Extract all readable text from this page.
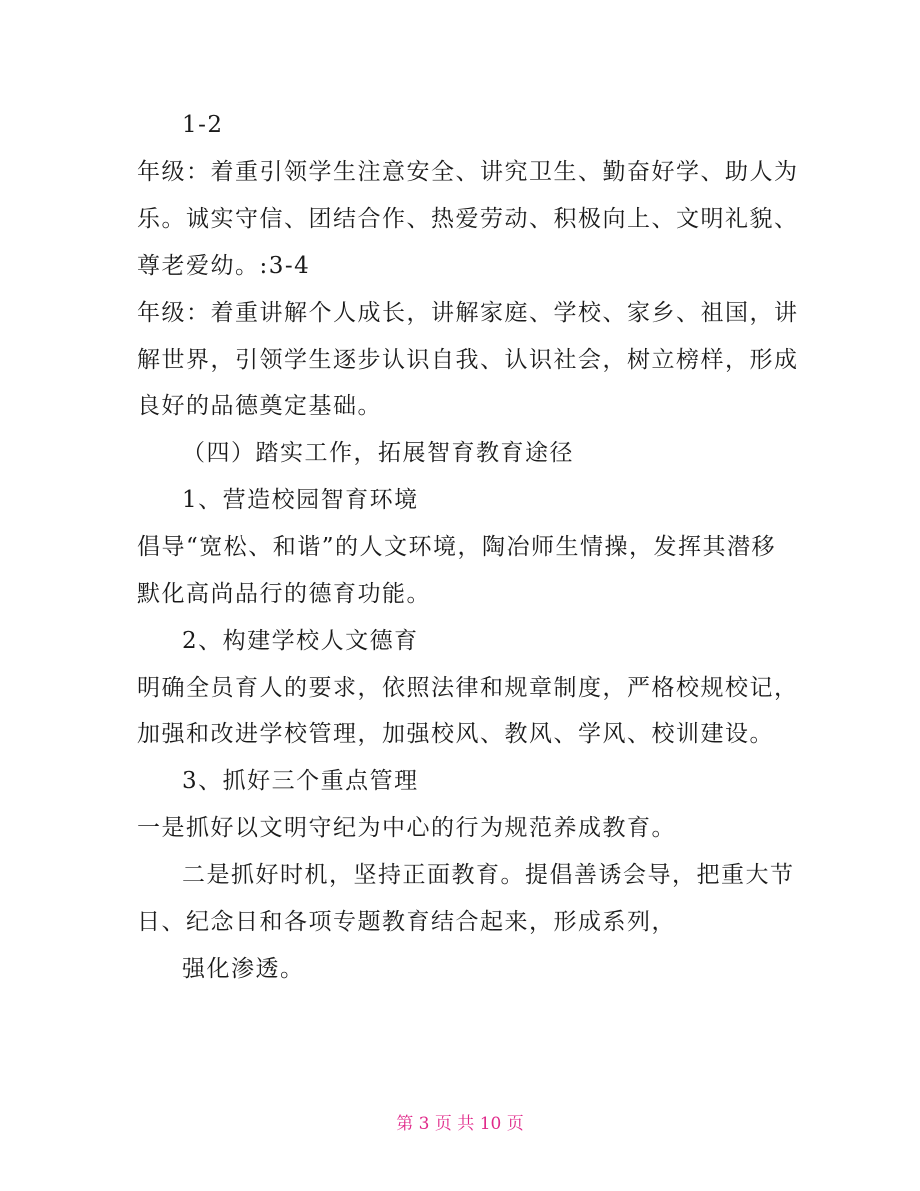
1-2
年级：着重引领学生注意安全、讲究卫生、勤奋好学、助人为
乐。诚实守信、团结合作、热爱劳动、积极向上、文明礼貌、
尊老爱幼。:3-4
年级：着重讲解个人成长，讲解家庭、学校、家乡、祖国，讲
解世界，引领学生逐步认识自我、认识社会，树立榜样，形成
良好的品德奠定基础。
（四）踏实工作，拓展智育教育途径
1、营造校园智育环境
倡导“宽松、和谐”的人文环境，陶冶师生情操，发挥其潜移
默化高尚品行的德育功能。
2、构建学校人文德育
明确全员育人的要求，依照法律和规章制度，严格校规校记，
加强和改进学校管理，加强校风、教风、学风、校训建设。
3、抓好三个重点管理
一是抓好以文明守纪为中心的行为规范养成教育。
二是抓好时机，坚持正面教育。提倡善诱会导，把重大节
日、纪念日和各项专题教育结合起来，形成系列，
强化渗透。
第 3 页 共 10 页
